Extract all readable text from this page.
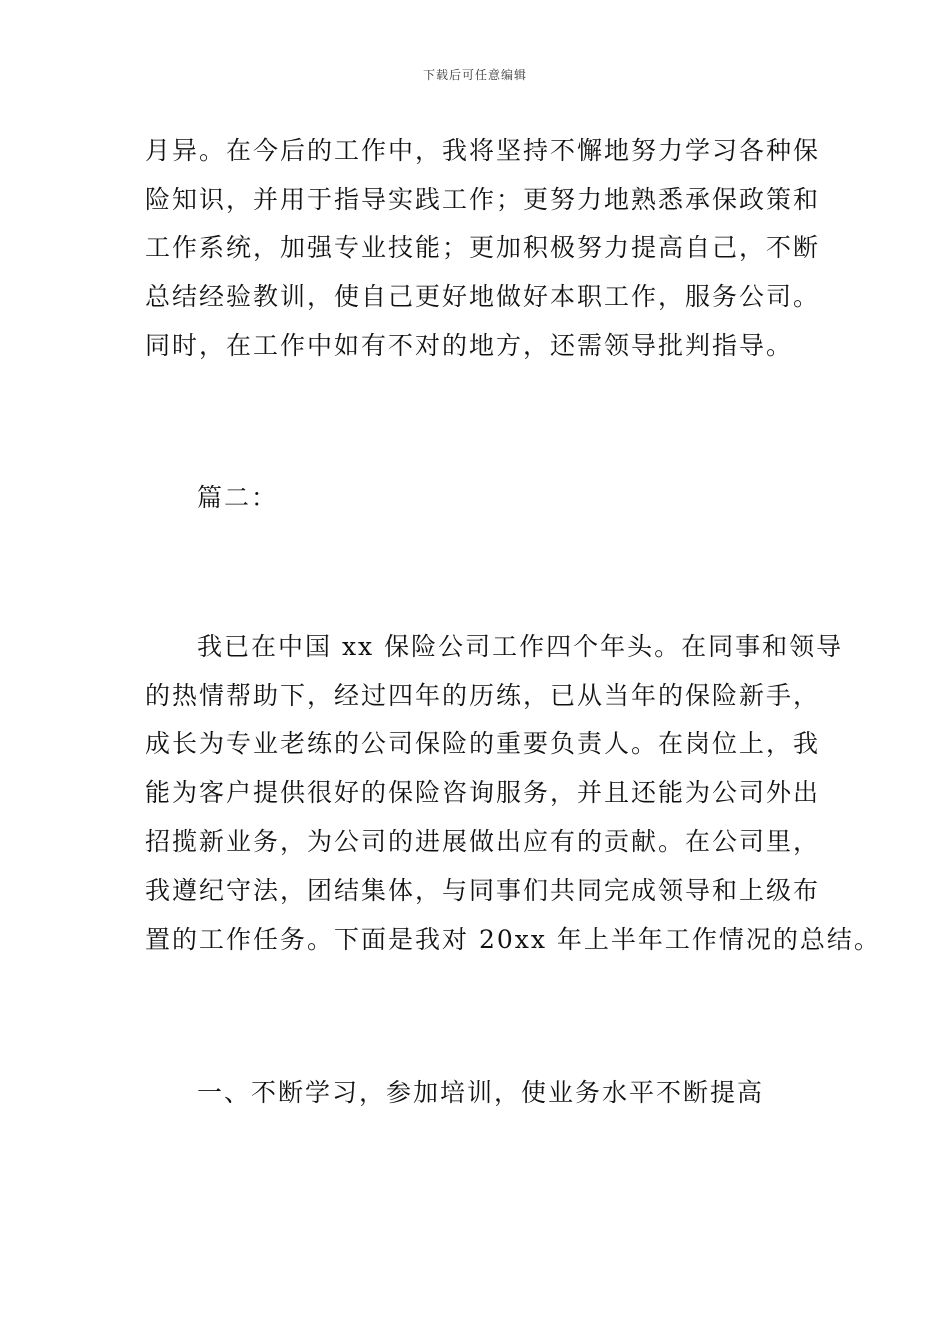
下载后可任意编辑
月异。在今后的工作中，我将坚持不懈地努力学习各种保
险知识，并用于指导实践工作；更努力地熟悉承保政策和
工作系统，加强专业技能；更加积极努力提高自己，不断
总结经验教训，使自己更好地做好本职工作，服务公司。
同时，在工作中如有不对的地方，还需领导批判指导。
篇二：
我已在中国 xx 保险公司工作四个年头。在同事和领导
的热情帮助下，经过四年的历练，已从当年的保险新手，
成长为专业老练的公司保险的重要负责人。在岗位上，我
能为客户提供很好的保险咨询服务，并且还能为公司外出
招揽新业务，为公司的进展做出应有的贡献。在公司里，
我遵纪守法，团结集体，与同事们共同完成领导和上级布
置的工作任务。下面是我对 20xx 年上半年工作情况的总结。
一、不断学习，参加培训，使业务水平不断提高
